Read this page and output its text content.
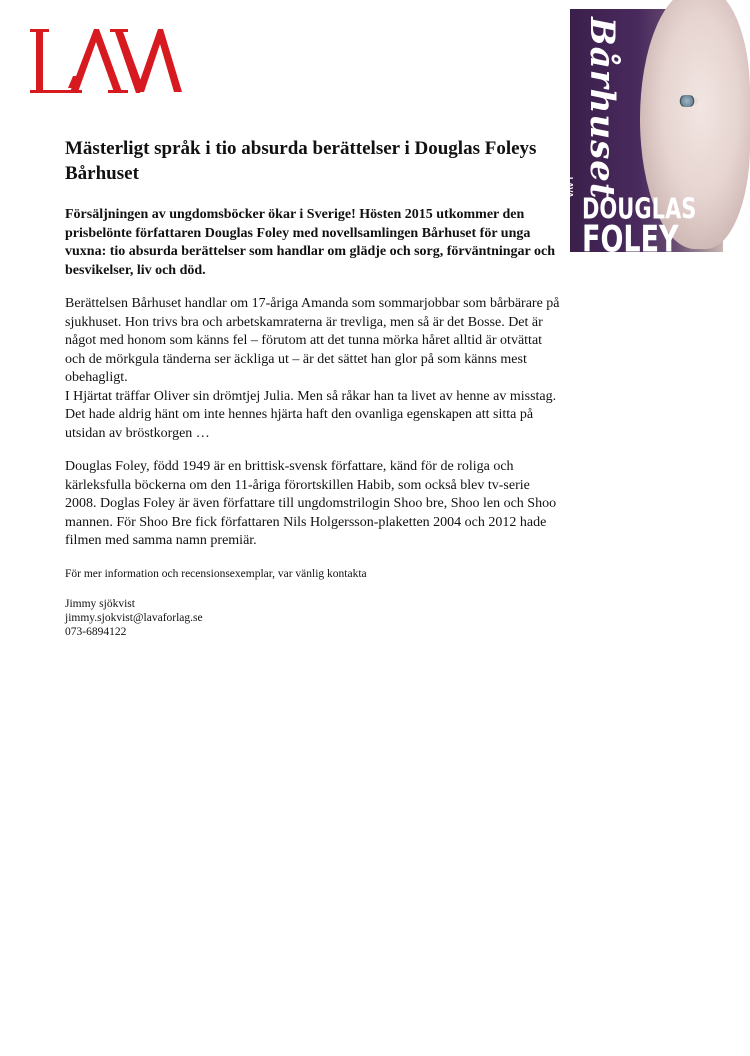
Bårhuset
LAVA
DOUGLAS
FOLEY
Mästerligt språk i tio absurda berättelser i Douglas Foleys Bårhuset

Försäljningen av ungdomsböcker ökar i Sverige! Hösten 2015 utkommer den prisbelönte författaren Douglas Foley med novellsamlingen Bårhuset för unga vuxna: tio absurda berättelser som handlar om glädje och sorg, förväntningar och besvikelser, liv och död.

Berättelsen Bårhuset handlar om 17-åriga Amanda som sommarjobbar som bårbärare på sjukhuset. Hon trivs bra och arbetskamraterna är trevliga, men så är det Bosse. Det är något med honom som känns fel – förutom att det tunna mörka håret alltid är otvättat och de mörkgula tänderna ser äckliga ut – är det sättet han glor på som känns mest obehagligt.
I Hjärtat träffar Oliver sin drömtjej Julia. Men så råkar han ta livet av henne av misstag. Det hade aldrig hänt om inte hennes hjärta haft den ovanliga egenskapen att sitta på utsidan av bröstkorgen …

Douglas Foley, född 1949 är en brittisk-svensk författare, känd för de roliga och kärleksfulla böckerna om den 11-åriga förortskillen Habib, som också blev tv-serie 2008. Doglas Foley är även författare till ungdomstrilogin Shoo bre, Shoo len och Shoo mannen. För Shoo Bre fick författaren Nils Holgersson-plaketten 2004 och 2012 hade filmen med samma namn premiär.

För mer information och recensionsexemplar, var vänlig kontakta

Jimmy sjökvist
jimmy.sjokvist@lavaforlag.se
073-6894122
